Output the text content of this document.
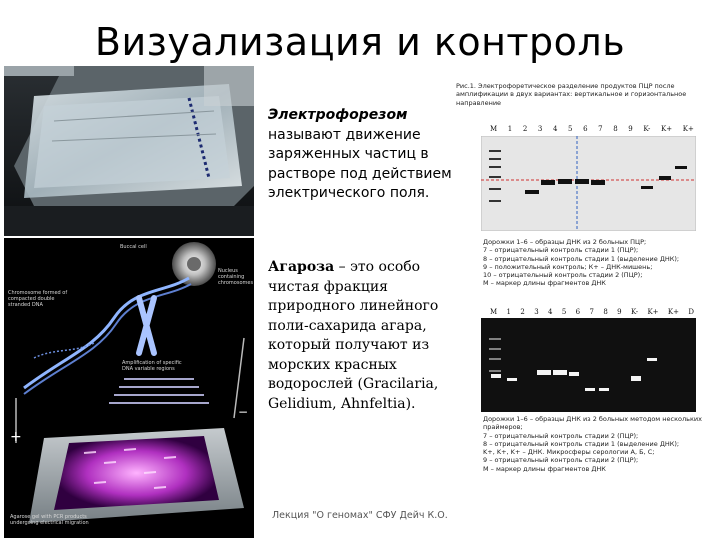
Визуализация и контроль
Buccal cell
Nucleus containing chromosomes
Chromosome formed of compacted double stranded DNA
Amplification of specific DNA variable regions
Agarose gel with PCR products undergoing electrical migration
+
−
Электрофорезом называют движение заряженных частиц в растворе под действием электрического поля.
Агароза – это особо чистая фракция природного линейного поли-сахарида агара, который получают из морских красных водорослей (Gracilaria, Gelidium, Ahnfeltia).
Рис.1. Электрофоретическое разделение продуктов ПЦР после амплификации в двух вариантах: вертикальное и горизонтальное направление
M 1 2 3 4 5 6 7 8 9 K- K+ K+
Дорожки 1–6 – образцы ДНК из 2 больных ПЦР;
7 – отрицательный контроль стадии 1 (ПЦР);
8 – отрицательный контроль стадии 1 (выделение ДНК);
9 – положительный контроль; К+ – ДНК-мишень;
10 – отрицательный контроль стадии 2 (ПЦР);
М – маркер длины фрагментов ДНК
M 1 2 3 4 5 6 7 8 9 K- K+ K+ D
Дорожки 1–6 – образцы ДНК из 2 больных методом нескольких
праймеров;
7 – отрицательный контроль стадии 2 (ПЦР);
8 – отрицательный контроль стадии 1 (выделение ДНК);
K+, K+, K+ – ДНК. Микросферы серологии А, Б, С;
9 – отрицательный контроль стадии 2 (ПЦР);
М – маркер длины фрагментов ДНК
Лекция "О геномах" СФУ Дейч К.О.
